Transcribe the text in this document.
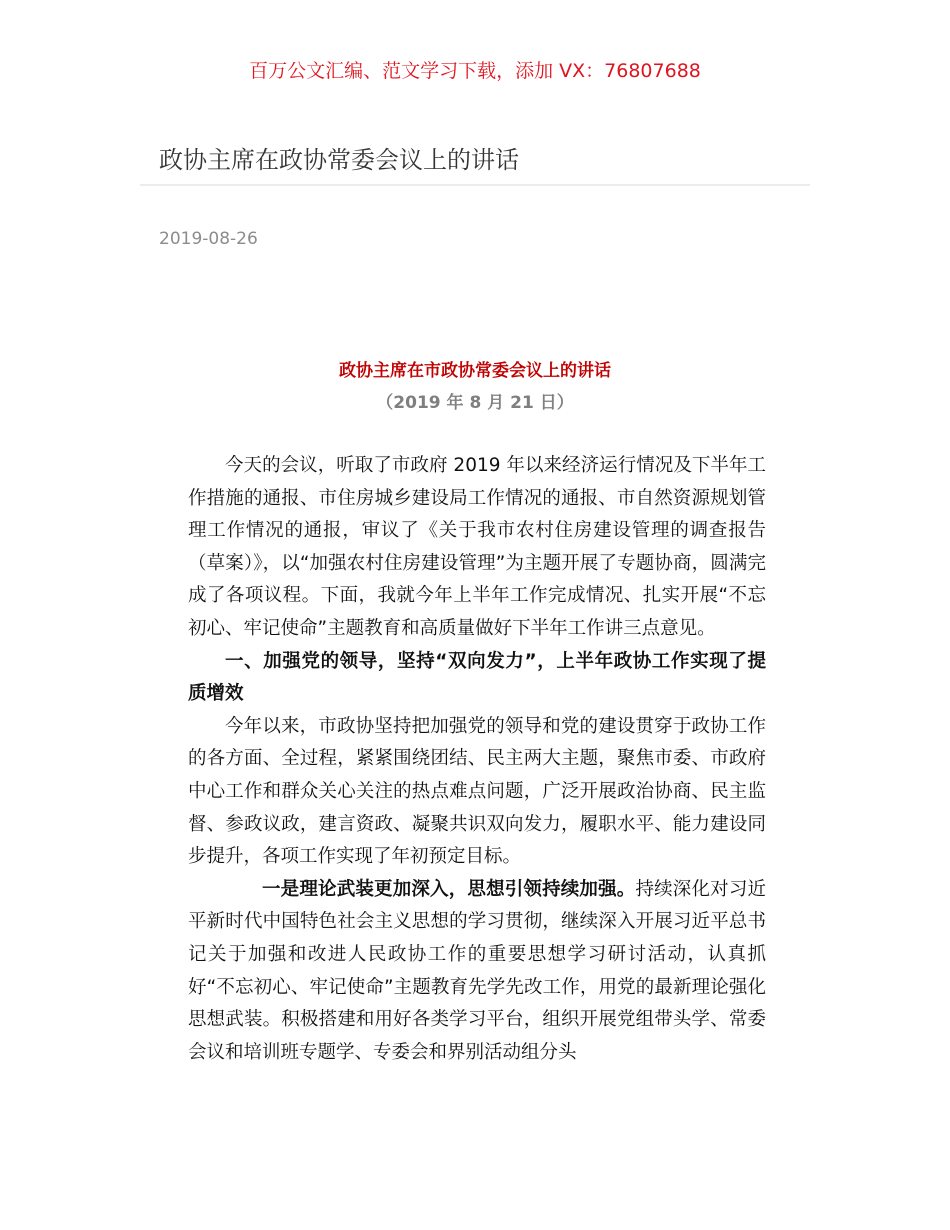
百万公文汇编、范文学习下载，添加 VX：76807688
政协主席在政协常委会议上的讲话
2019-08-26
政协主席在市政协常委会议上的讲话
（2019 年 8 月 21 日）

今天的会议，听取了市政府 2019 年以来经济运行情况及下半年工作措施的通报、市住房城乡建设局工作情况的通报、市自然资源规划管理工作情况的通报，审议了《关于我市农村住房建设管理的调查报告（草案）》，以“加强农村住房建设管理”为主题开展了专题协商，圆满完成了各项议程。下面，我就今年上半年工作完成情况、扎实开展“不忘初心、牢记使命”主题教育和高质量做好下半年工作讲三点意见。

一、加强党的领导，坚持“双向发力”，上半年政协工作实现了提质增效

今年以来，市政协坚持把加强党的领导和党的建设贯穿于政协工作的各方面、全过程，紧紧围绕团结、民主两大主题，聚焦市委、市政府中心工作和群众关心关注的热点难点问题，广泛开展政治协商、民主监督、参政议政，建言资政、凝聚共识双向发力，履职水平、能力建设同步提升，各项工作实现了年初预定目标。

一是理论武装更加深入，思想引领持续加强。持续深化对习近平新时代中国特色社会主义思想的学习贯彻，继续深入开展习近平总书记关于加强和改进人民政协工作的重要思想学习研讨活动，认真抓好“不忘初心、牢记使命”主题教育先学先改工作，用党的最新理论强化思想武装。积极搭建和用好各类学习平台，组织开展党组带头学、常委会议和培训班专题学、专委会和界别活动组分头
